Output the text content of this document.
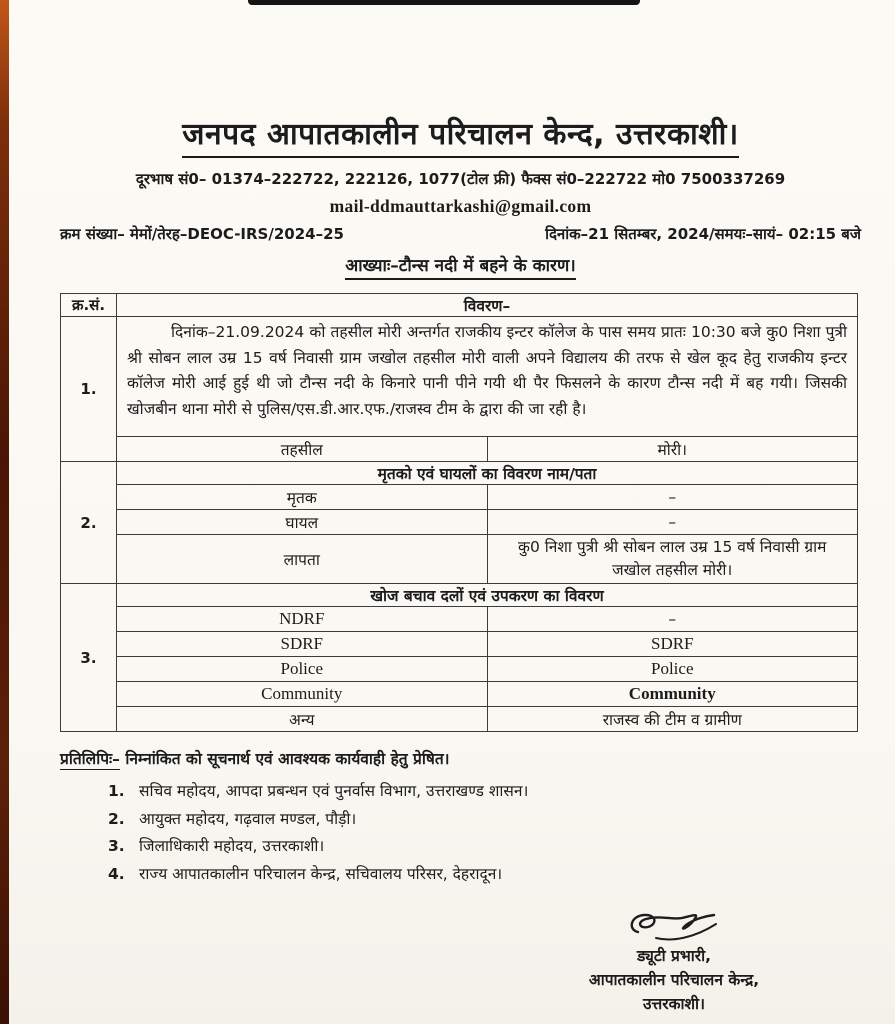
जनपद आपातकालीन परिचालन केन्द, उत्तरकाशी।
दूरभाष सं0– 01374–222722, 222126, 1077(टोल फ्री) फैक्स सं0–222722 मो0 7500337269
mail-ddmauttarkashi@gmail.com
क्रम संख्या– मेमों/तेरह–DEOC-IRS/2024–25	दिनांक–21 सितम्बर, 2024/समयः–सायं– 02:15 बजे
आख्याः–टौन्स नदी में बहने के कारण।
क्र.सं.	विवरण–	
1.	दिनांक–21.09.2024 को तहसील मोरी अन्तर्गत राजकीय इन्टर कॉलेज के पास समय प्रातः 10:30 बजे कु0 निशा पुत्री श्री सोबन लाल उम्र 15 वर्ष निवासी ग्राम जखोल तहसील मोरी वाली अपने विद्यालय की तरफ से खेल कूद हेतु राजकीय इन्टर कॉलेज मोरी आई हुई थी जो टौन्स नदी के किनारे पानी पीने गयी थी पैर फिसलने के कारण टौन्स नदी में बह गयी। जिसकी खोजबीन थाना मोरी से पुलिस/एस.डी.आर.एफ./राजस्व टीम के द्वारा की जा रही है।	

	तहसील	मोरी।
2.	मृतको एवं घायलों का विवरण नाम/पता	
	मृतक	–
	घायल	–
	लापता	कु0 निशा पुत्री श्री सोबन लाल उम्र 15 वर्ष निवासी ग्राम जखोल तहसील मोरी।
3.	खोज बचाव दलों एवं उपकरण का विवरण	
	NDRF	–
	SDRF	SDRF
	Police	Police
	Community	Community
	अन्य	राजस्व की टीम व ग्रामीण
प्रतिलिपिः– निम्नांकित को सूचनार्थ एवं आवश्यक कार्यवाही हेतु प्रेषित।
1. सचिव महोदय, आपदा प्रबन्धन एवं पुनर्वास विभाग, उत्तराखण्ड शासन।
2. आयुक्त महोदय, गढ़वाल मण्डल, पौड़ी।
3. जिलाधिकारी महोदय, उत्तरकाशी।
4. राज्य आपातकालीन परिचालन केन्द्र, सचिवालय परिसर, देहरादून।
ड्यूटी प्रभारी,
आपातकालीन परिचालन केन्द्र,
उत्तरकाशी।
